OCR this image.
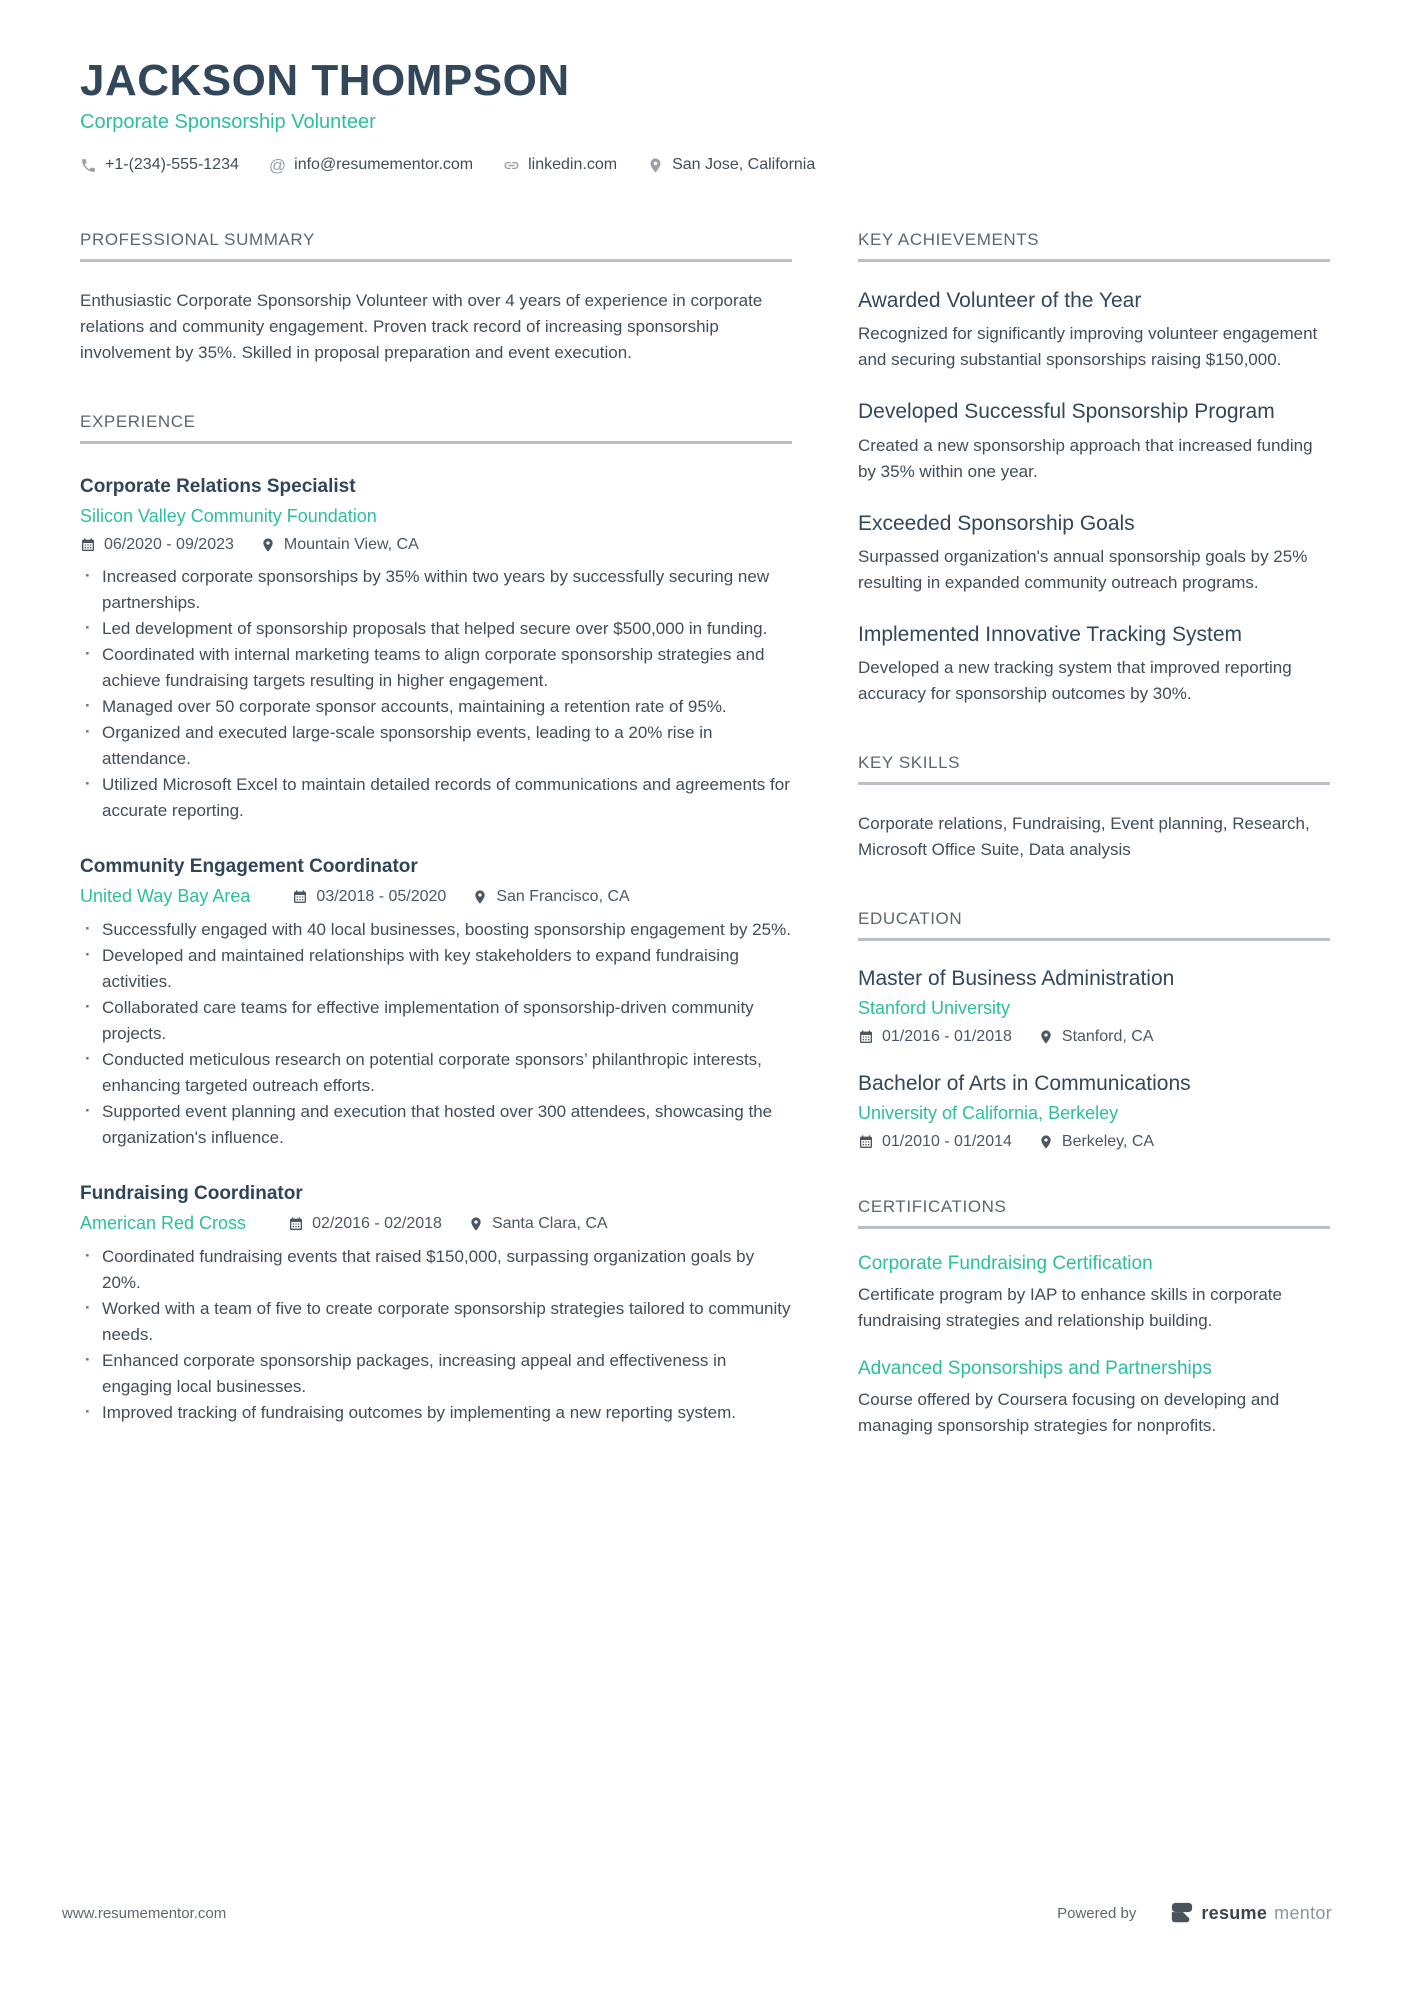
JACKSON THOMPSON
Corporate Sponsorship Volunteer
+1-(234)-555-1234 @ info@resumementor.com	linkedin.com	San Jose, California
PROFESSIONAL SUMMARY
Enthusiastic Corporate Sponsorship Volunteer with over 4 years of experience in corporate relations and community engagement. Proven track record of increasing sponsorship involvement by 35%. Skilled in proposal preparation and event execution.
EXPERIENCE
Corporate Relations Specialist
Silicon Valley Community Foundation
06/2020 - 09/2023	Mountain View, CA
· Increased corporate sponsorships by 35% within two years by successfully securing new partnerships.
· Led development of sponsorship proposals that helped secure over $500,000 in funding.
· Coordinated with internal marketing teams to align corporate sponsorship strategies and achieve fundraising targets resulting in higher engagement.
· Managed over 50 corporate sponsor accounts, maintaining a retention rate of 95%.
· Organized and executed large-scale sponsorship events, leading to a 20% rise in attendance.
· Utilized Microsoft Excel to maintain detailed records of communications and agreements for accurate reporting.
Community Engagement Coordinator
United Way Bay Area	03/2018 - 05/2020	San Francisco, CA
· Successfully engaged with 40 local businesses, boosting sponsorship engagement by 25%.
· Developed and maintained relationships with key stakeholders to expand fundraising activities.
· Collaborated care teams for effective implementation of sponsorship-driven community projects.
· Conducted meticulous research on potential corporate sponsors’ philanthropic interests, enhancing targeted outreach efforts.
· Supported event planning and execution that hosted over 300 attendees, showcasing the organization's influence.
Fundraising Coordinator
American Red Cross	02/2016 - 02/2018	Santa Clara, CA
· Coordinated fundraising events that raised $150,000, surpassing organization goals by 20%.
· Worked with a team of five to create corporate sponsorship strategies tailored to community needs.
· Enhanced corporate sponsorship packages, increasing appeal and effectiveness in engaging local businesses.
· Improved tracking of fundraising outcomes by implementing a new reporting system.
KEY ACHIEVEMENTS
Awarded Volunteer of the Year
Recognized for significantly improving volunteer engagement and securing substantial sponsorships raising $150,000.
Developed Successful Sponsorship Program
Created a new sponsorship approach that increased funding by 35% within one year.
Exceeded Sponsorship Goals
Surpassed organization's annual sponsorship goals by 25% resulting in expanded community outreach programs.
Implemented Innovative Tracking System
Developed a new tracking system that improved reporting accuracy for sponsorship outcomes by 30%.
KEY SKILLS
Corporate relations, Fundraising, Event planning, Research, Microsoft Office Suite, Data analysis
EDUCATION
Master of Business Administration
Stanford University
01/2016 - 01/2018	Stanford, CA
Bachelor of Arts in Communications
University of California, Berkeley
01/2010 - 01/2014	Berkeley, CA
CERTIFICATIONS
Corporate Fundraising Certification
Certificate program by IAP to enhance skills in corporate fundraising strategies and relationship building.
Advanced Sponsorships and Partnerships
Course offered by Coursera focusing on developing and managing sponsorship strategies for nonprofits.
www.resumementor.com	Powered by	resume mentor
